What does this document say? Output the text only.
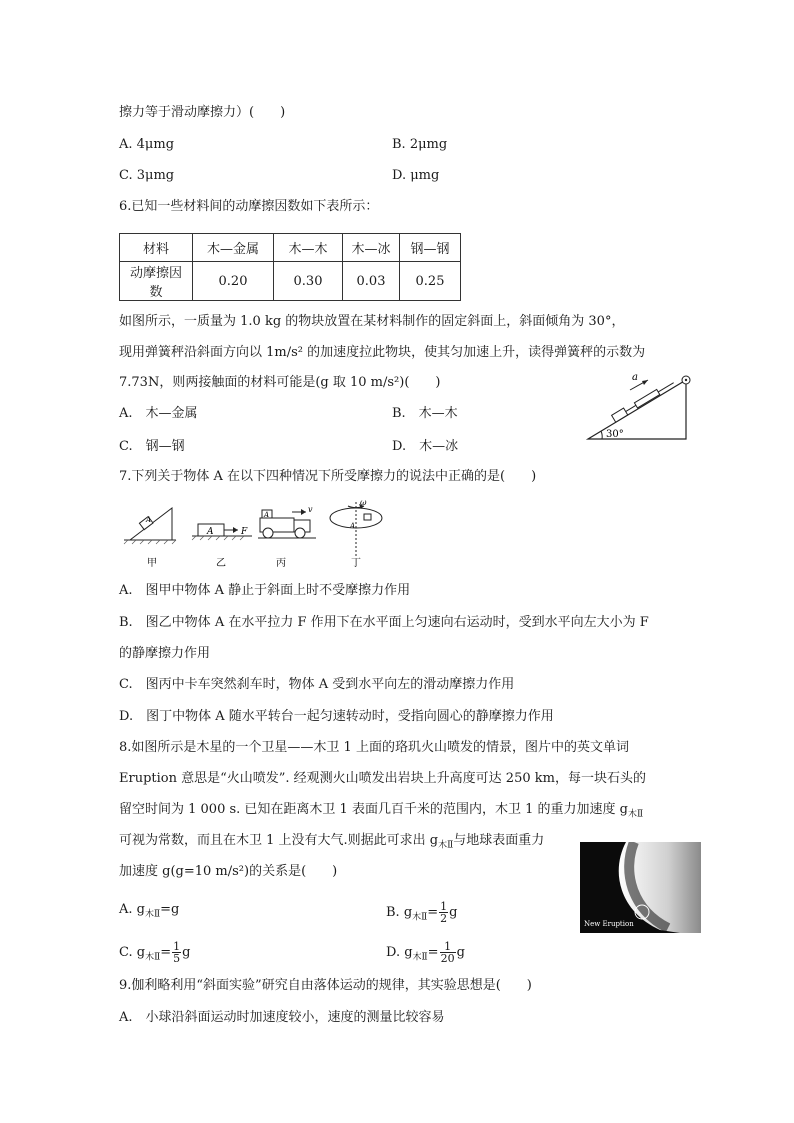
擦力等于滑动摩擦力）(　　)
A. 4μmg	B. 2μmg
C. 3μmg	D. μmg
6.已知一些材料间的动摩擦因数如下表所示：
材料	木—金属	木—木	木—冰	钢—钢
动摩擦因数	0.20	0.30	0.03	0.25
如图所示，一质量为 1.0 kg 的物块放置在某材料制作的固定斜面上，斜面倾角为 30°，
现用弹簧秤沿斜面方向以 1m/s² 的加速度拉此物块，使其匀加速上升，读得弹簧秤的示数为
7.73N，则两接触面的材料可能是(g 取 10 m/s²)(　　)
A.　木—金属	B.　木—木
C.　钢—钢	D.　木—冰
a
30°
7.下列关于物体 A 在以下四种情况下所受摩擦力的说法中正确的是(　　)
A
甲
A	F
乙
A
v
丙
ω
A
丁
A.　图甲中物体 A 静止于斜面上时不受摩擦力作用
B.　图乙中物体 A 在水平拉力 F 作用下在水平面上匀速向右运动时，受到水平向左大小为 F
的静摩擦力作用
C.　图丙中卡车突然刹车时，物体 A 受到水平向左的滑动摩擦力作用
D.　图丁中物体 A 随水平转台一起匀速转动时，受指向圆心的静摩擦力作用
8.如图所示是木星的一个卫星——木卫 1 上面的珞玑火山喷发的情景，图片中的英文单词
Eruption 意思是“火山喷发”. 经观测火山喷发出岩块上升高度可达 250 km，每一块石头的
留空时间为 1 000 s. 已知在距离木卫 1 表面几百千米的范围内，木卫 1 的重力加速度 $g_{木Ⅱ}$
可视为常数，而且在木卫 1 上没有大气.则据此可求出 $g_{木Ⅱ}$与地球表面重力
加速度 g(g=10 m/s²)的关系是(　　)
New Eruption
A. $g_{木Ⅱ}=g$	B. $g_{木Ⅱ}= \frac{1}{2}$ g
C. $g_{木Ⅱ}= \frac{1}{5}$ g	D. $g_{木Ⅱ}= \frac{1}{20}$ g
9.伽利略利用“斜面实验”研究自由落体运动的规律，其实验思想是(　　)
A.　小球沿斜面运动时加速度较小，速度的测量比较容易
